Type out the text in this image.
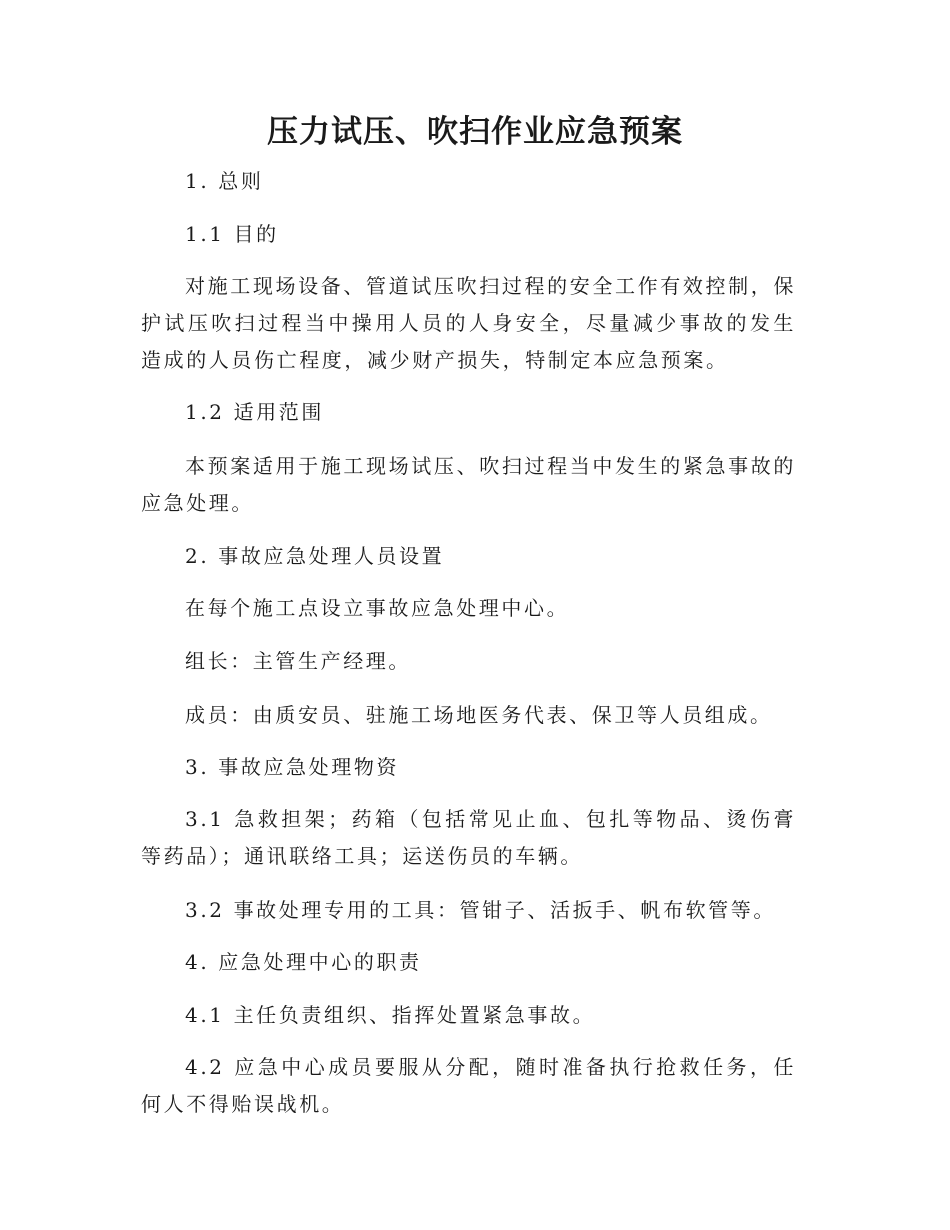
压力试压、吹扫作业应急预案

1. 总则

1.1 目的

对施工现场设备、管道试压吹扫过程的安全工作有效控制，保护试压吹扫过程当中操用人员的人身安全，尽量减少事故的发生造成的人员伤亡程度，减少财产损失，特制定本应急预案。

1.2 适用范围

本预案适用于施工现场试压、吹扫过程当中发生的紧急事故的应急处理。

2. 事故应急处理人员设置

在每个施工点设立事故应急处理中心。

组长：主管生产经理。

成员：由质安员、驻施工场地医务代表、保卫等人员组成。

3. 事故应急处理物资

3.1 急救担架；药箱（包括常见止血、包扎等物品、烫伤膏等药品）；通讯联络工具；运送伤员的车辆。

3.2 事故处理专用的工具：管钳子、活扳手、帆布软管等。

4. 应急处理中心的职责

4.1 主任负责组织、指挥处置紧急事故。

4.2 应急中心成员要服从分配，随时准备执行抢救任务，任何人不得贻误战机。
